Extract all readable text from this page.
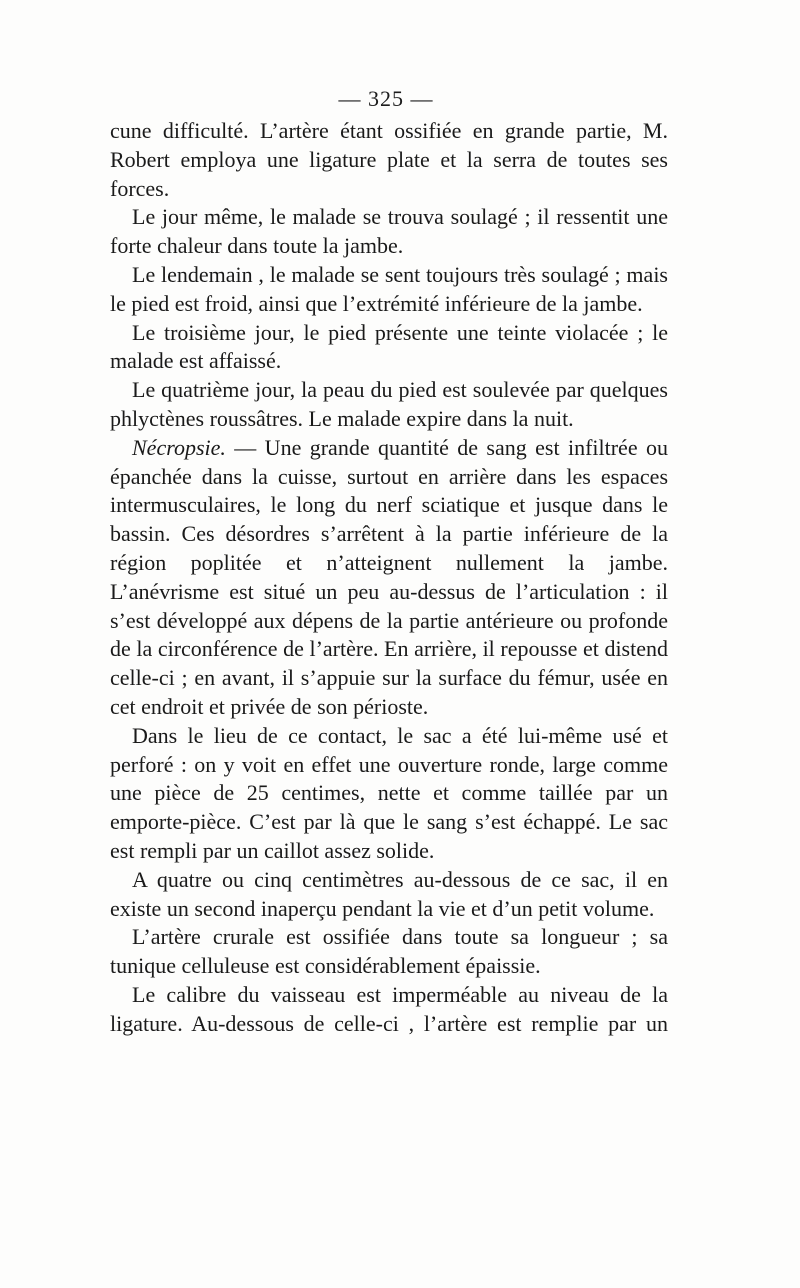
— 325 —

cune difficulté. L’artère étant ossifiée en grande partie, M. Robert employa une ligature plate et la serra de toutes ses forces.

Le jour même, le malade se trouva soulagé ; il ressentit une forte chaleur dans toute la jambe.

Le lendemain , le malade se sent toujours très soulagé ; mais le pied est froid, ainsi que l’extrémité inférieure de la jambe.

Le troisième jour, le pied présente une teinte violacée ; le malade est affaissé.

Le quatrième jour, la peau du pied est soulevée par quelques phlyctènes roussâtres. Le malade expire dans la nuit.

Nécropsie. — Une grande quantité de sang est infiltrée ou épanchée dans la cuisse, surtout en arrière dans les espaces intermusculaires, le long du nerf sciatique et jusque dans le bassin. Ces désordres s’arrêtent à la partie inférieure de la région poplitée et n’atteignent nullement la jambe. L’anévrisme est situé un peu au-dessus de l’articulation : il s’est développé aux dépens de la partie antérieure ou profonde de la circonférence de l’artère. En arrière, il repousse et distend celle-ci ; en avant, il s’appuie sur la surface du fémur, usée en cet endroit et privée de son périoste.

Dans le lieu de ce contact, le sac a été lui-même usé et perforé : on y voit en effet une ouverture ronde, large comme une pièce de 25 centimes, nette et comme taillée par un emporte-pièce. C’est par là que le sang s’est échappé. Le sac est rempli par un caillot assez solide.

A quatre ou cinq centimètres au-dessous de ce sac, il en existe un second inaperçu pendant la vie et d’un petit volume.

L’artère crurale est ossifiée dans toute sa longueur ; sa tunique celluleuse est considérablement épaissie.

Le calibre du vaisseau est imperméable au niveau de la ligature. Au-dessous de celle-ci , l’artère est remplie par un
